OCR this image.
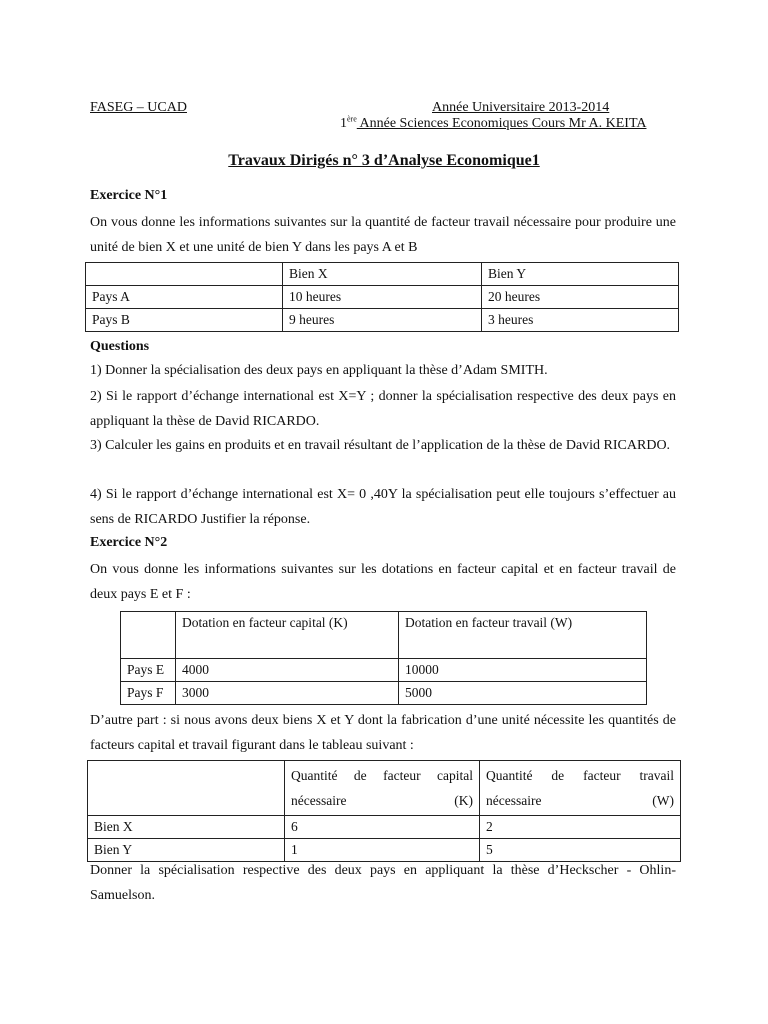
FASEG – UCAD	Année Universitaire 2013-2014
1ère Année Sciences Economiques Cours Mr A. KEITA
Travaux Dirigés n° 3 d’Analyse Economique1
Exercice N°1
On vous donne les informations suivantes sur la quantité de facteur travail nécessaire pour produire une unité de bien X et une unité de bien Y dans les pays A et B
	Bien X	Bien Y
Pays A	10 heures	20 heures
Pays B	9 heures	3 heures
Questions
1) Donner la spécialisation des deux pays en appliquant la thèse d’Adam SMITH.
2) Si le rapport d’échange international est X=Y ; donner la spécialisation respective des deux pays en appliquant la thèse de David RICARDO.
3) Calculer les gains en produits et en travail résultant de l’application de la thèse de David RICARDO.
4) Si le rapport d’échange international est X= 0 ,40Y la spécialisation peut elle toujours s’effectuer au sens de RICARDO Justifier la réponse.
Exercice N°2
On vous donne les informations suivantes sur les dotations en facteur capital et en facteur travail de deux pays E et F :
	Dotation en facteur capital (K)	Dotation en facteur travail (W)
Pays E	4000	10000
Pays F	3000	5000
D’autre part : si nous avons deux biens X et Y dont la fabrication d’une unité nécessite les quantités de facteurs capital et travail figurant dans le tableau suivant :
	Quantité de facteur capital nécessaire (K)	Quantité de facteur travail nécessaire (W)
Bien X	6	2
Bien Y	1	5
Donner la spécialisation respective des deux pays en appliquant la thèse d’Heckscher - Ohlin-Samuelson.
